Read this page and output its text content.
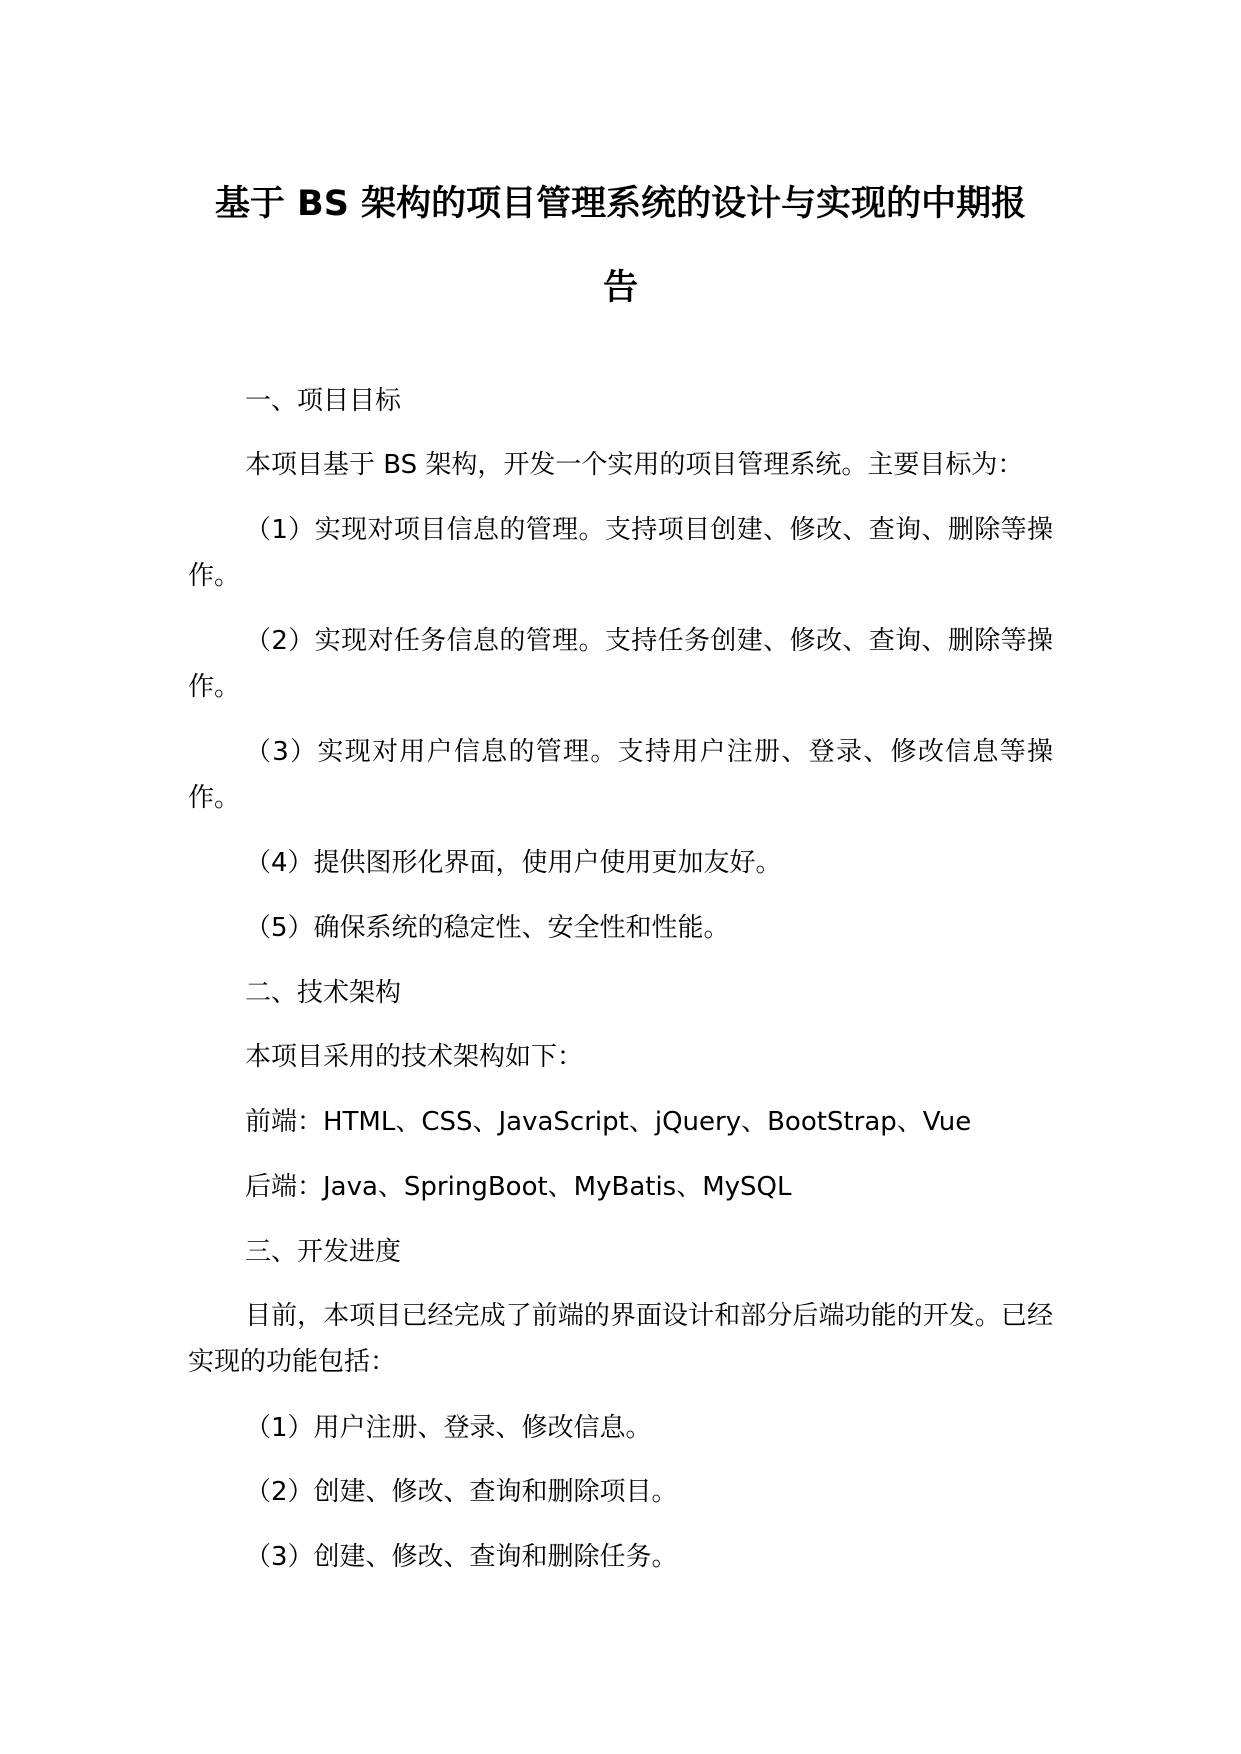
基于 BS 架构的项目管理系统的设计与实现的中期报
告
一、项目目标
本项目基于 BS 架构，开发一个实用的项目管理系统。主要目标为：
（1）实现对项目信息的管理。支持项目创建、修改、查询、删除等操作。
（2）实现对任务信息的管理。支持任务创建、修改、查询、删除等操作。
（3）实现对用户信息的管理。支持用户注册、登录、修改信息等操作。
（4）提供图形化界面，使用户使用更加友好。
（5）确保系统的稳定性、安全性和性能。
二、技术架构
本项目采用的技术架构如下：
前端：HTML、CSS、JavaScript、jQuery、BootStrap、Vue
后端：Java、SpringBoot、MyBatis、MySQL
三、开发进度
目前，本项目已经完成了前端的界面设计和部分后端功能的开发。已经实现的功能包括：
（1）用户注册、登录、修改信息。
（2）创建、修改、查询和删除项目。
（3）创建、修改、查询和删除任务。
